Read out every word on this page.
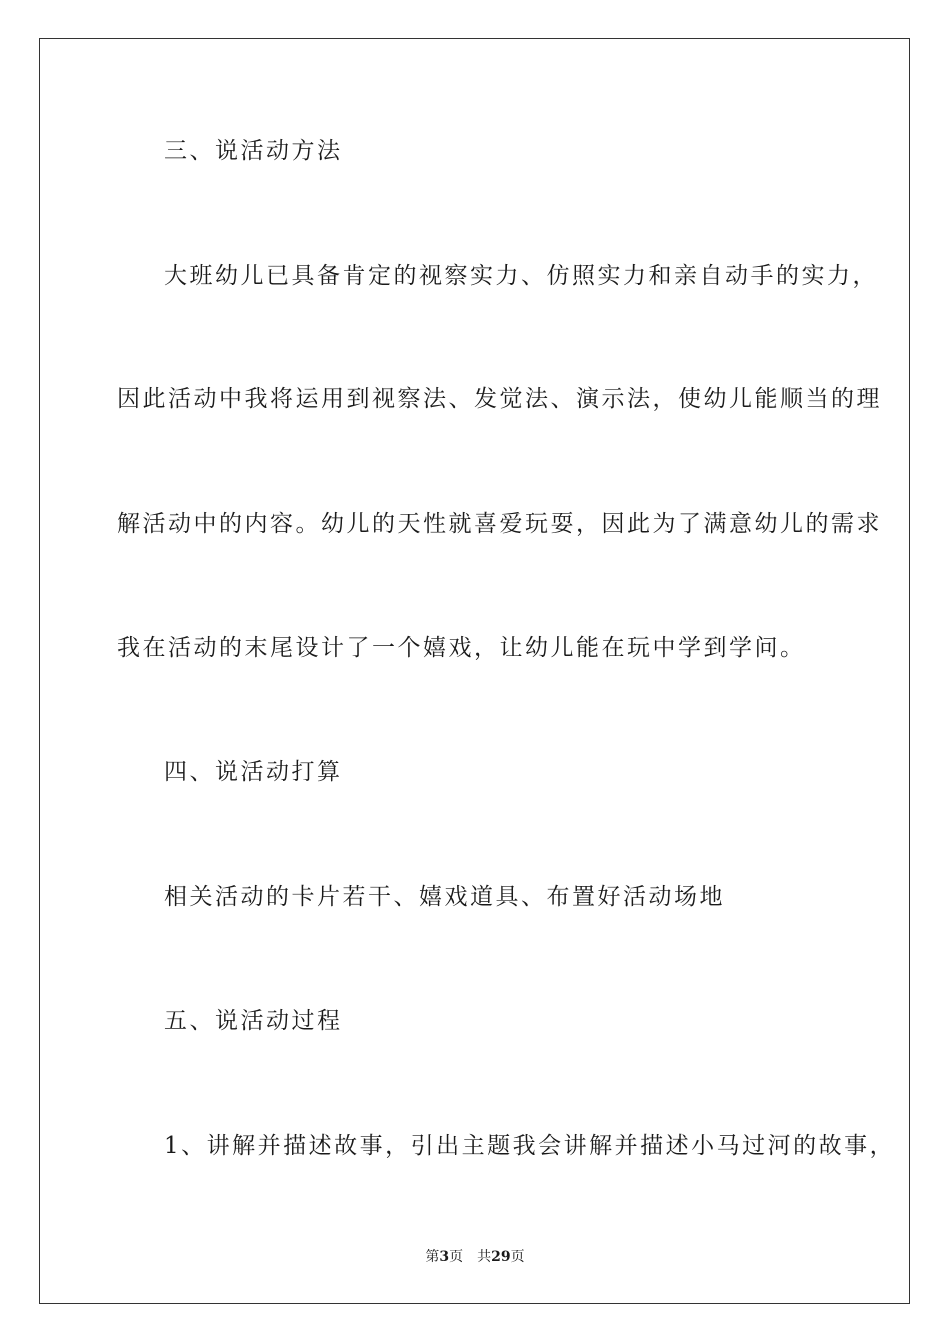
三、说活动方法
大班幼儿已具备肯定的视察实力、仿照实力和亲自动手的实力，
因此活动中我将运用到视察法、发觉法、演示法，使幼儿能顺当的理
解活动中的内容。幼儿的天性就喜爱玩耍，因此为了满意幼儿的需求
我在活动的末尾设计了一个嬉戏，让幼儿能在玩中学到学问。
四、说活动打算
相关活动的卡片若干、嬉戏道具、布置好活动场地
五、说活动过程
1、讲解并描述故事，引出主题我会讲解并描述小马过河的故事，
第3页 共29页
